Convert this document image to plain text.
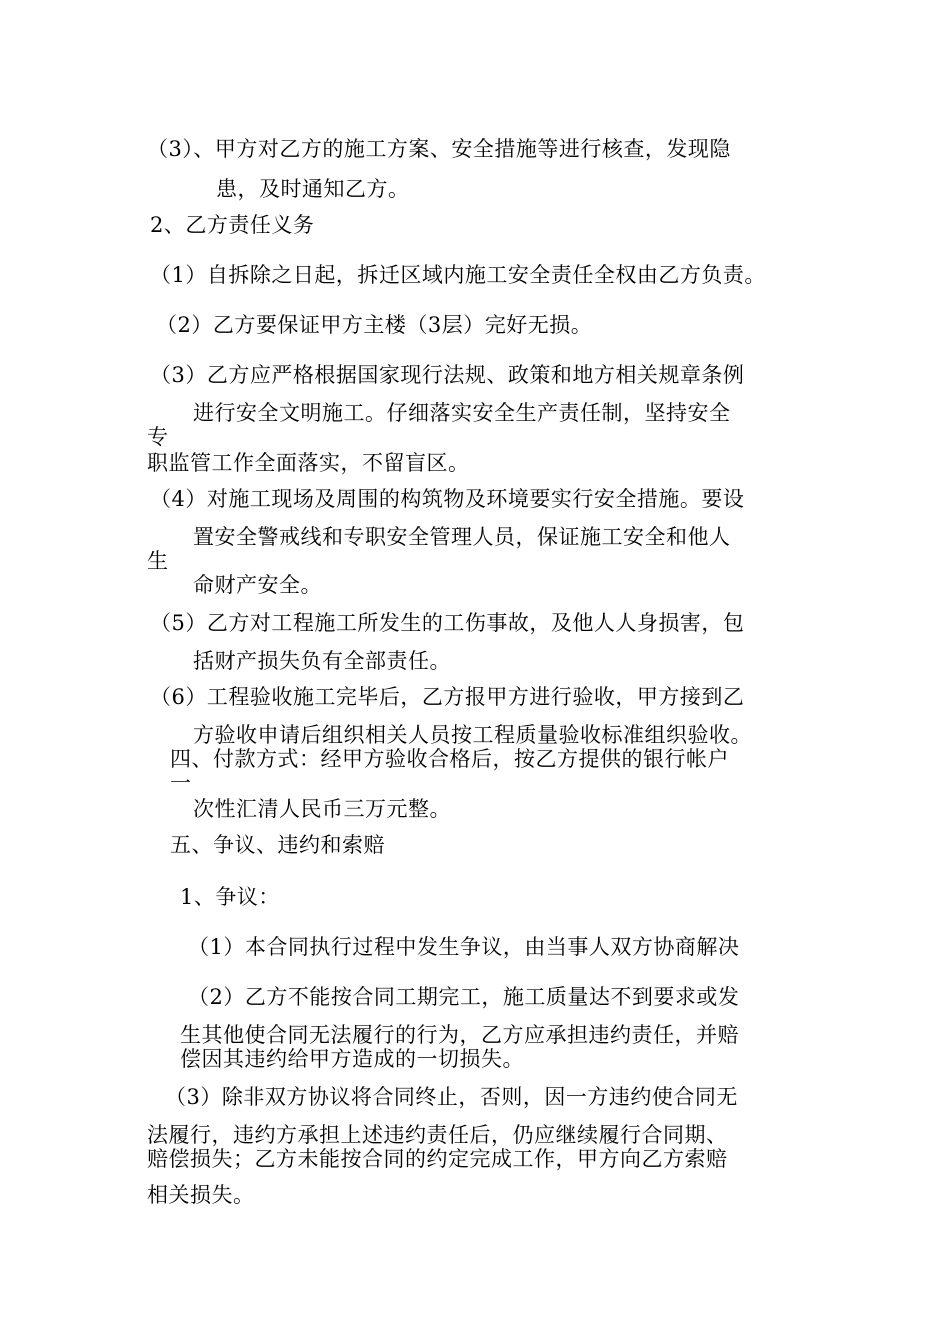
（3）、甲方对乙方的施工方案、安全措施等进行核查，发现隐

患，及时通知乙方。

2、乙方责任义务

（1）自拆除之日起，拆迁区域内施工安全责任全权由乙方负责。

（2）乙方要保证甲方主楼（3层）完好无损。

（3）乙方应严格根据国家现行法规、政策和地方相关规章条例

进行安全文明施工。仔细落实安全生产责任制，坚持安全

专

职监管工作全面落实，不留盲区。

（4）对施工现场及周围的构筑物及环境要实行安全措施。要设

置安全警戒线和专职安全管理人员，保证施工安全和他人

生

命财产安全。

（5）乙方对工程施工所发生的工伤事故，及他人人身损害，包

括财产损失负有全部责任。

（6）工程验收施工完毕后，乙方报甲方进行验收，甲方接到乙

方验收申请后组织相关人员按工程质量验收标准组织验收。

四、付款方式：经甲方验收合格后，按乙方提供的银行帐户

一

次性汇清人民币三万元整。

五、争议、违约和索赔

1、争议：

（1）本合同执行过程中发生争议，由当事人双方协商解决

（2）乙方不能按合同工期完工，施工质量达不到要求或发

生其他使合同无法履行的行为，乙方应承担违约责任，并赔

偿因其违约给甲方造成的一切损失。

（3）除非双方协议将合同终止，否则，因一方违约使合同无

法履行，违约方承担上述违约责任后，仍应继续履行合同期、

赔偿损失；乙方未能按合同的约定完成工作，甲方向乙方索赔

相关损失。
